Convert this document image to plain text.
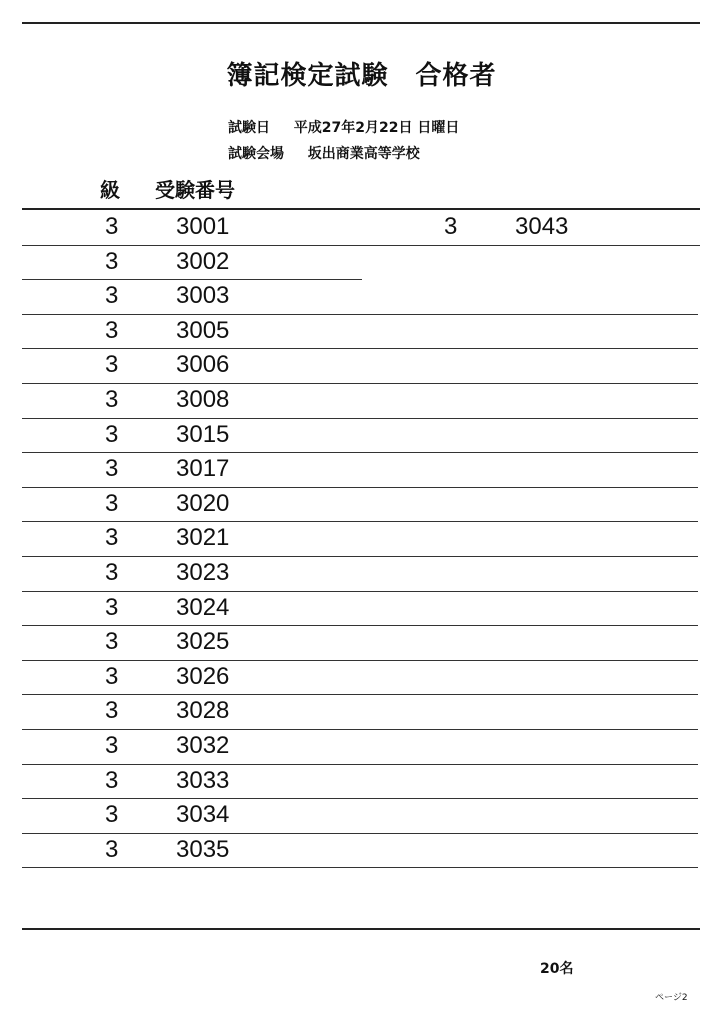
簿記検定試験　合格者
試験日 平成27年2月22日 日曜日
試験会場 坂出商業高等学校
級 受験番号
3 3001
3 3002
3 3003
3 3005
3 3006
3 3008
3 3015
3 3017
3 3020
3 3021
3 3023
3 3024
3 3025
3 3026
3 3028
3 3032
3 3033
3 3034
3 3035
3 3043
20名
ページ2
